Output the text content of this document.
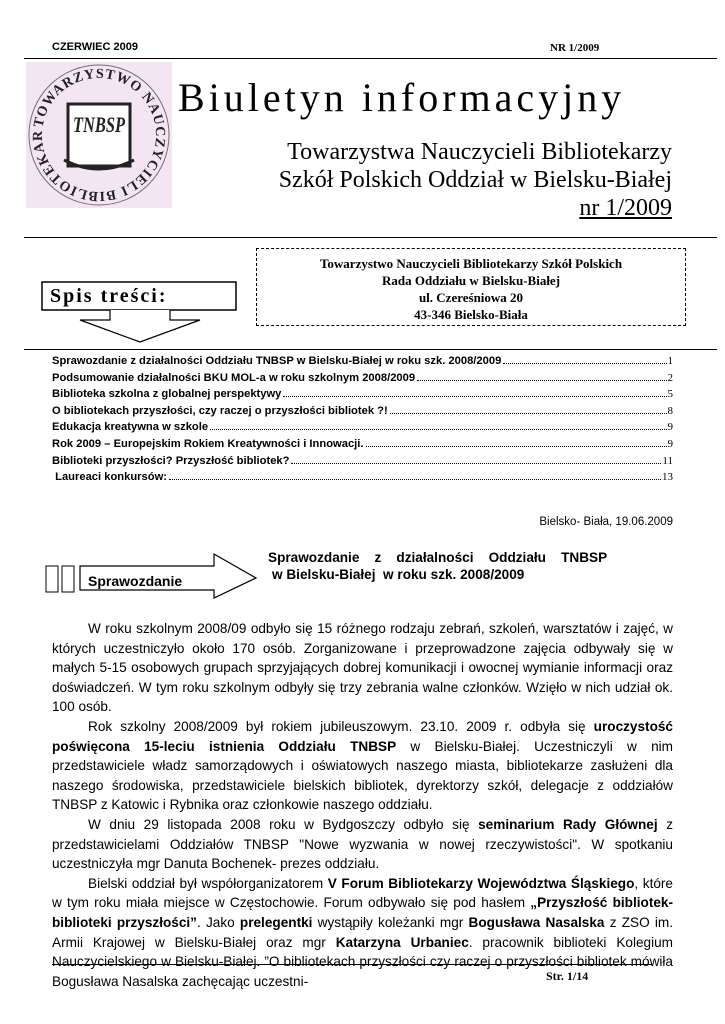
CZERWIEC 2009	NR 1/2009
TOWARZYSTWO NAUCZYCIELI BIBLIOTEKAR	TNBSP
Biuletyn informacyjny
Towarzystwa Nauczycieli Bibliotekarzy
Szkół Polskich Oddział w Bielsku-Białej
nr 1/2009
Towarzystwo Nauczycieli Bibliotekarzy Szkół Polskich
Rada Oddziału w Bielsku-Białej
ul. Czereśniowa 20
43-346 Bielsko-Biała
Spis treści:
Sprawozdanie z działalności Oddziału TNBSP w Bielsku-Białej w roku szk. 2008/2009	1
Podsumowanie działalności BKU MOL-a w roku szkolnym 2008/2009	2
Biblioteka szkolna z globalnej perspektywy	5
O bibliotekach przyszłości, czy raczej o przyszłości bibliotek ?!	8
Edukacja kreatywna w szkole	9
Rok 2009 – Europejskim Rokiem Kreatywności i Innowacji.	9
Biblioteki przyszłości? Przyszłość bibliotek?	11
Laureaci konkursów:	13
Bielsko- Biała, 19.06.2009
Sprawozdanie
Sprawozdanie    z    działalności    Oddziału    TNBSP
w Bielsku-Białej  w roku szk. 2008/2009

W roku szkolnym 2008/09 odbyło się 15 różnego rodzaju zebrań, szkoleń, warsztatów i zajęć, w których uczestniczyło około 170 osób. Zorganizowane i przeprowadzone zajęcia odbywały się w małych 5-15 osobowych grupach sprzyjających dobrej komunikacji i owocnej wymianie informacji oraz doświadczeń. W tym roku szkolnym odbyły się trzy zebrania walne członków. Wzięło w nich udział ok. 100 osób.

Rok szkolny 2008/2009 był rokiem jubileuszowym. 23.10. 2009 r. odbyła się uroczystość poświęcona 15-leciu istnienia Oddziału TNBSP w Bielsku-Białej. Uczestniczyli w nim przedstawiciele władz samorządowych i oświatowych naszego miasta, bibliotekarze zasłużeni dla naszego środowiska, przedstawiciele bielskich bibliotek, dyrektorzy szkół, delegacje z oddziałów TNBSP z Katowic i Rybnika oraz członkowie naszego oddziału.

W dniu 29 listopada 2008 roku w Bydgoszczy odbyło się seminarium Rady Głównej z przedstawicielami Oddziałów TNBSP "Nowe wyzwania w nowej rzeczywistości". W spotkaniu uczestniczyła mgr Danuta Bochenek- prezes oddziału.

Bielski oddział był współorganizatorem V Forum Bibliotekarzy Województwa Śląskiego, które w tym roku miała miejsce w Częstochowie. Forum odbywało się pod hasłem „Przyszłość bibliotek- biblioteki przyszłości”. Jako prelegentki wystąpiły koleżanki mgr Bogusława Nasalska z ZSO im. Armii Krajowej w Bielsku-Białej oraz mgr Katarzyna Urbaniec. pracownik biblioteki Kolegium Nauczycielskiego w Bielsku-Białej. ”O bibliotekach przyszłości czy raczej o przyszłości bibliotek mówiła Bogusława Nasalska zachęcając uczestni-	Str. 1/14
